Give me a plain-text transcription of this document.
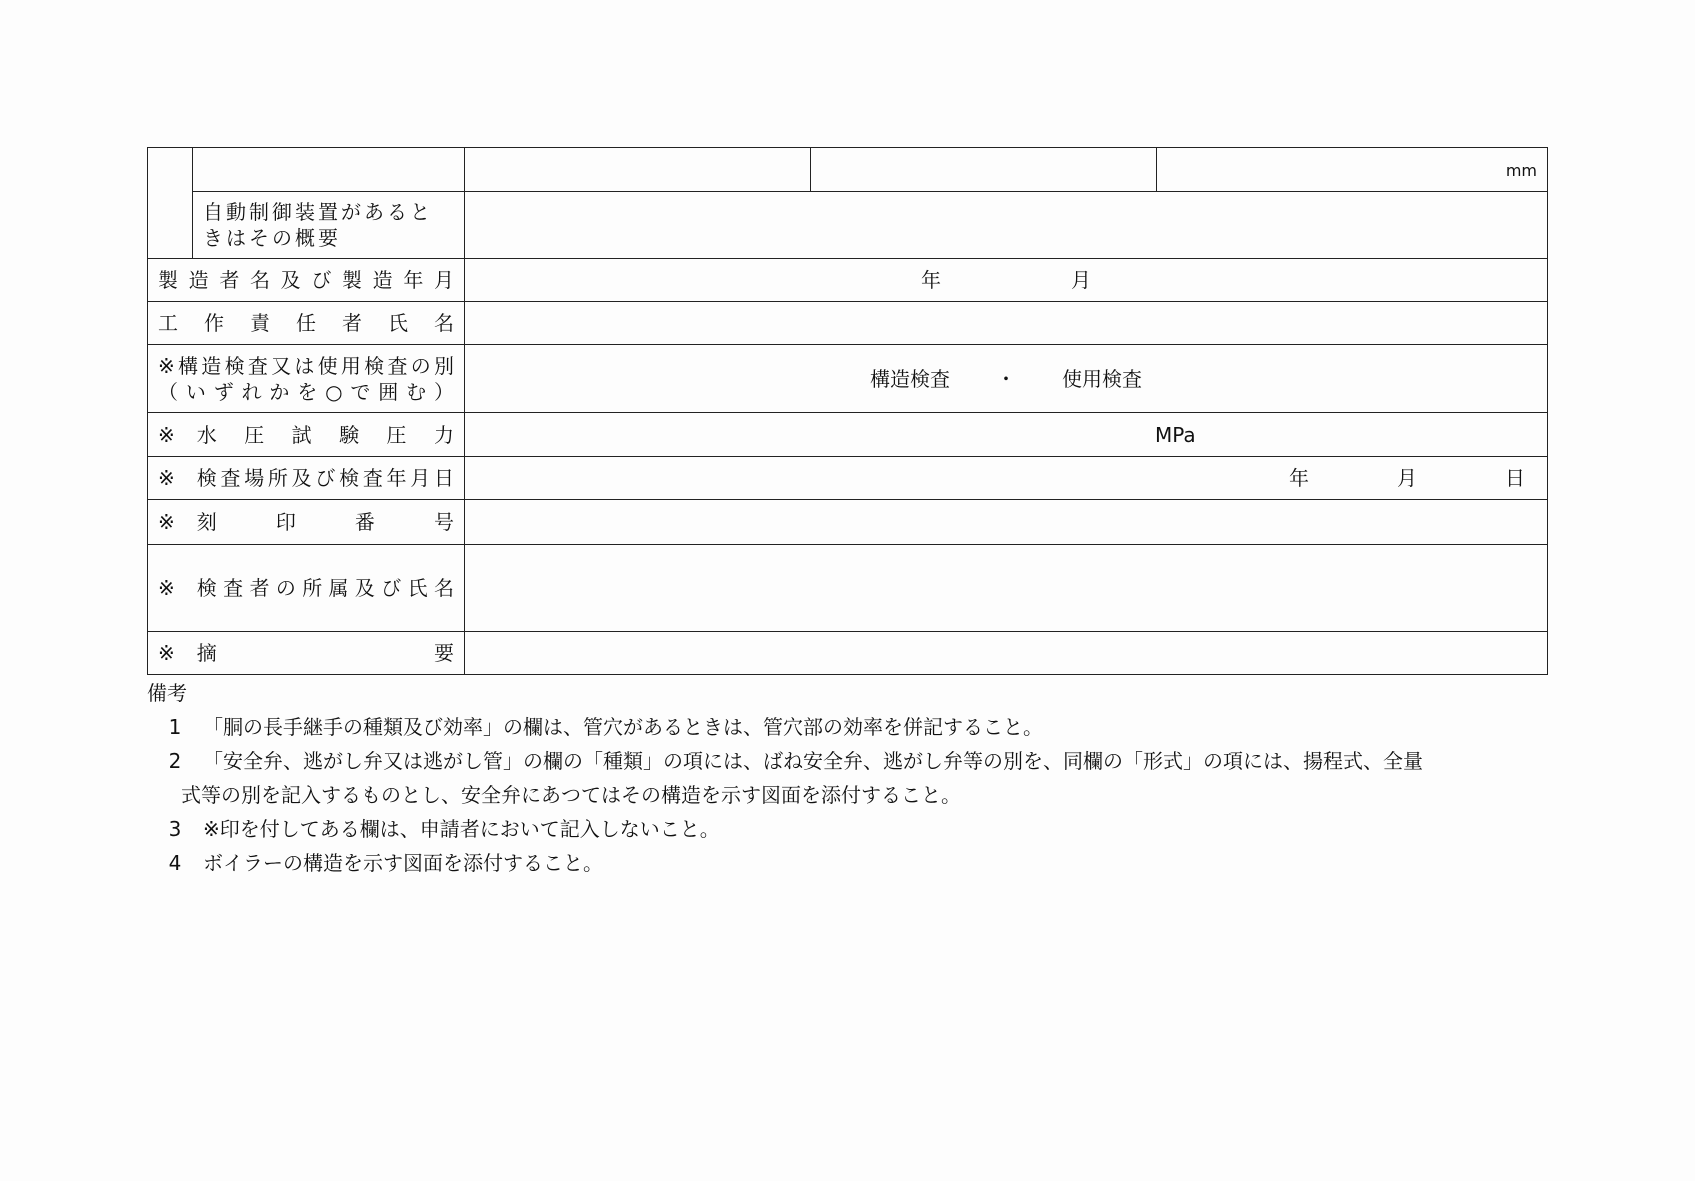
				mm
	自動制御装置があるときはその概要			
製造者名及び製造年月		年 月		
工作責任者氏名				

※構造検査又は使用検査の別
（いずれかを○で囲む）		構造検査 ・ 使用検査		

※ 水圧試験圧力		MPa		

※ 検査場所及び検査年月日		年 月 日		

※ 刻印番号				

※ 検査者の所属及び氏名				

※ 摘要				

備考
1	「胴の長手継手の種類及び効率」の欄は、管穴があるときは、管穴部の効率を併記すること。
2	「安全弁、逃がし弁又は逃がし管」の欄の「種類」の項には、ばね安全弁、逃がし弁等の別を、同欄の「形式」の項には、揚程式、全量
式等の別を記入するものとし、安全弁にあつてはその構造を示す図面を添付すること。
3	※印を付してある欄は、申請者において記入しないこと。
4	ボイラーの構造を示す図面を添付すること。
